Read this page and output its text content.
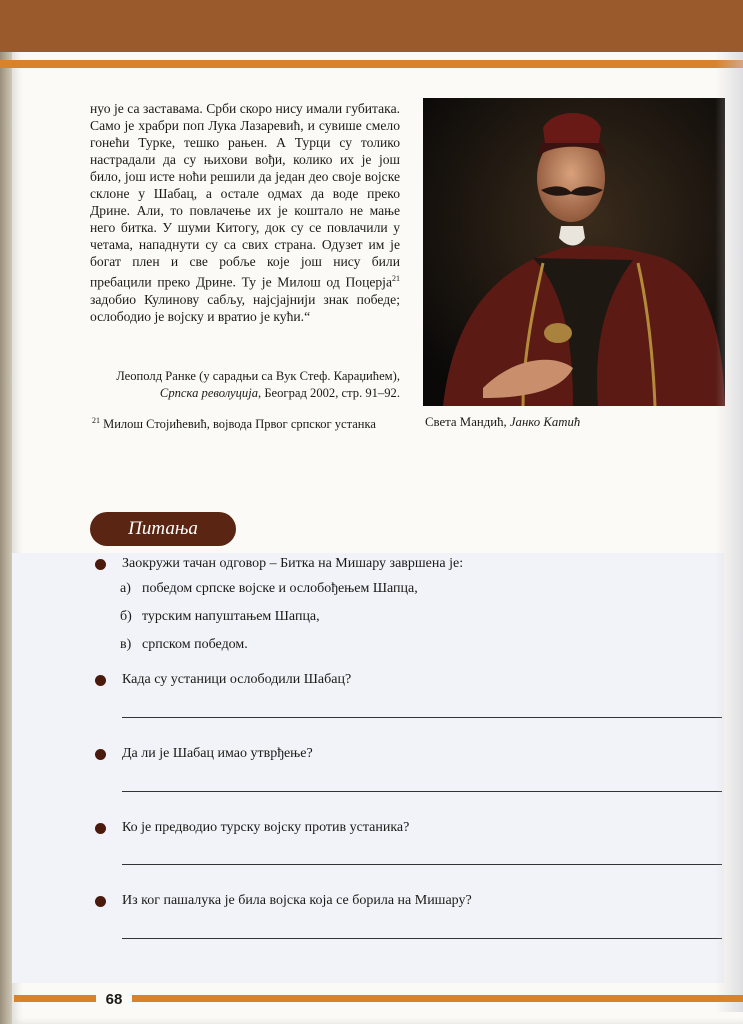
нуо је са заставама. Срби скоро нису имали губитака. Само је храбри поп Лука Лазаревић, и сувише смело гонећи Турке, тешко рањен. А Турци су толико настрадали да су њихови вођи, колико их је још било, још исте ноћи решили да један део своје војске склоне у Шабац, а остале одмах да воде преко Дрине. Али, то повлачење их је коштало не мање него битка. У шуми Китогу, док су се повлачили у четама, нападнути су са свих страна. Одузет им је богат плен и све робље које још нису били пребацили преко Дрине. Ту је Милош од Поцерја$^{21}$ задобио Кулинову сабљу, најсјајнији знак победе; ослободио је војску и вратио је кући.“

Леополд Ранке (у сарадњи са Вук Стеф. Караџићем),
Српска револуција, Београд 2002, стр. 91–92.
$^{21}$ Милош Стојићевић, војвода Првог српског устанка	Света Мандић, Јанко Катић
Питања
Заокружи тачан одговор – Битка на Мишару завршена је:
а) победом српске војске и ослобођењем Шапца,
б) турским напуштањем Шапца,
в) српском победом.
Када су устаници ослободили Шабац?
Да ли је Шабац имао утврђење?
Ко је предводио турску војску против устаника?
Из ког пашалука је била војска која се борила на Мишару?
68
